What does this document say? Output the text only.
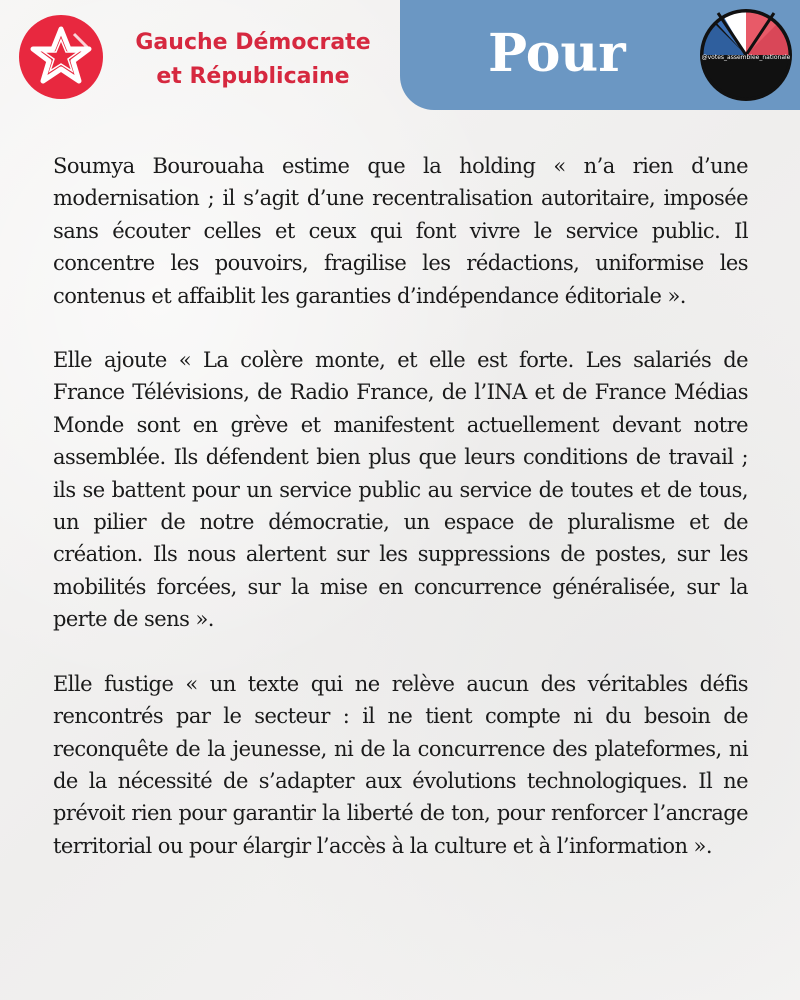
Gauche Démocrate
et Républicaine	Pour	@votes_assemblee_nationale

Soumya Bourouaha estime que la holding « n’a rien d’une modernisation ; il s’agit d’une recentralisation autoritaire, imposée sans écouter celles et ceux qui font vivre le service public. Il concentre les pouvoirs, fragilise les rédactions, uniformise les contenus et affaiblit les garanties d’indépendance éditoriale ».

Elle ajoute « La colère monte, et elle est forte. Les salariés de France Télévisions, de Radio France, de l’INA et de France Médias Monde sont en grève et manifestent actuellement devant notre assemblée. Ils défendent bien plus que leurs conditions de travail ; ils se battent pour un service public au service de toutes et de tous, un pilier de notre démocratie, un espace de pluralisme et de création. Ils nous alertent sur les suppressions de postes, sur les mobilités forcées, sur la mise en concurrence généralisée, sur la perte de sens ».

Elle fustige « un texte qui ne relève aucun des véritables défis rencontrés par le secteur : il ne tient compte ni du besoin de reconquête de la jeunesse, ni de la concurrence des plateformes, ni de la nécessité de s’adapter aux évolutions technologiques. Il ne prévoit rien pour garantir la liberté de ton, pour renforcer l’ancrage territorial ou pour élargir l’accès à la culture et à l’information ».
